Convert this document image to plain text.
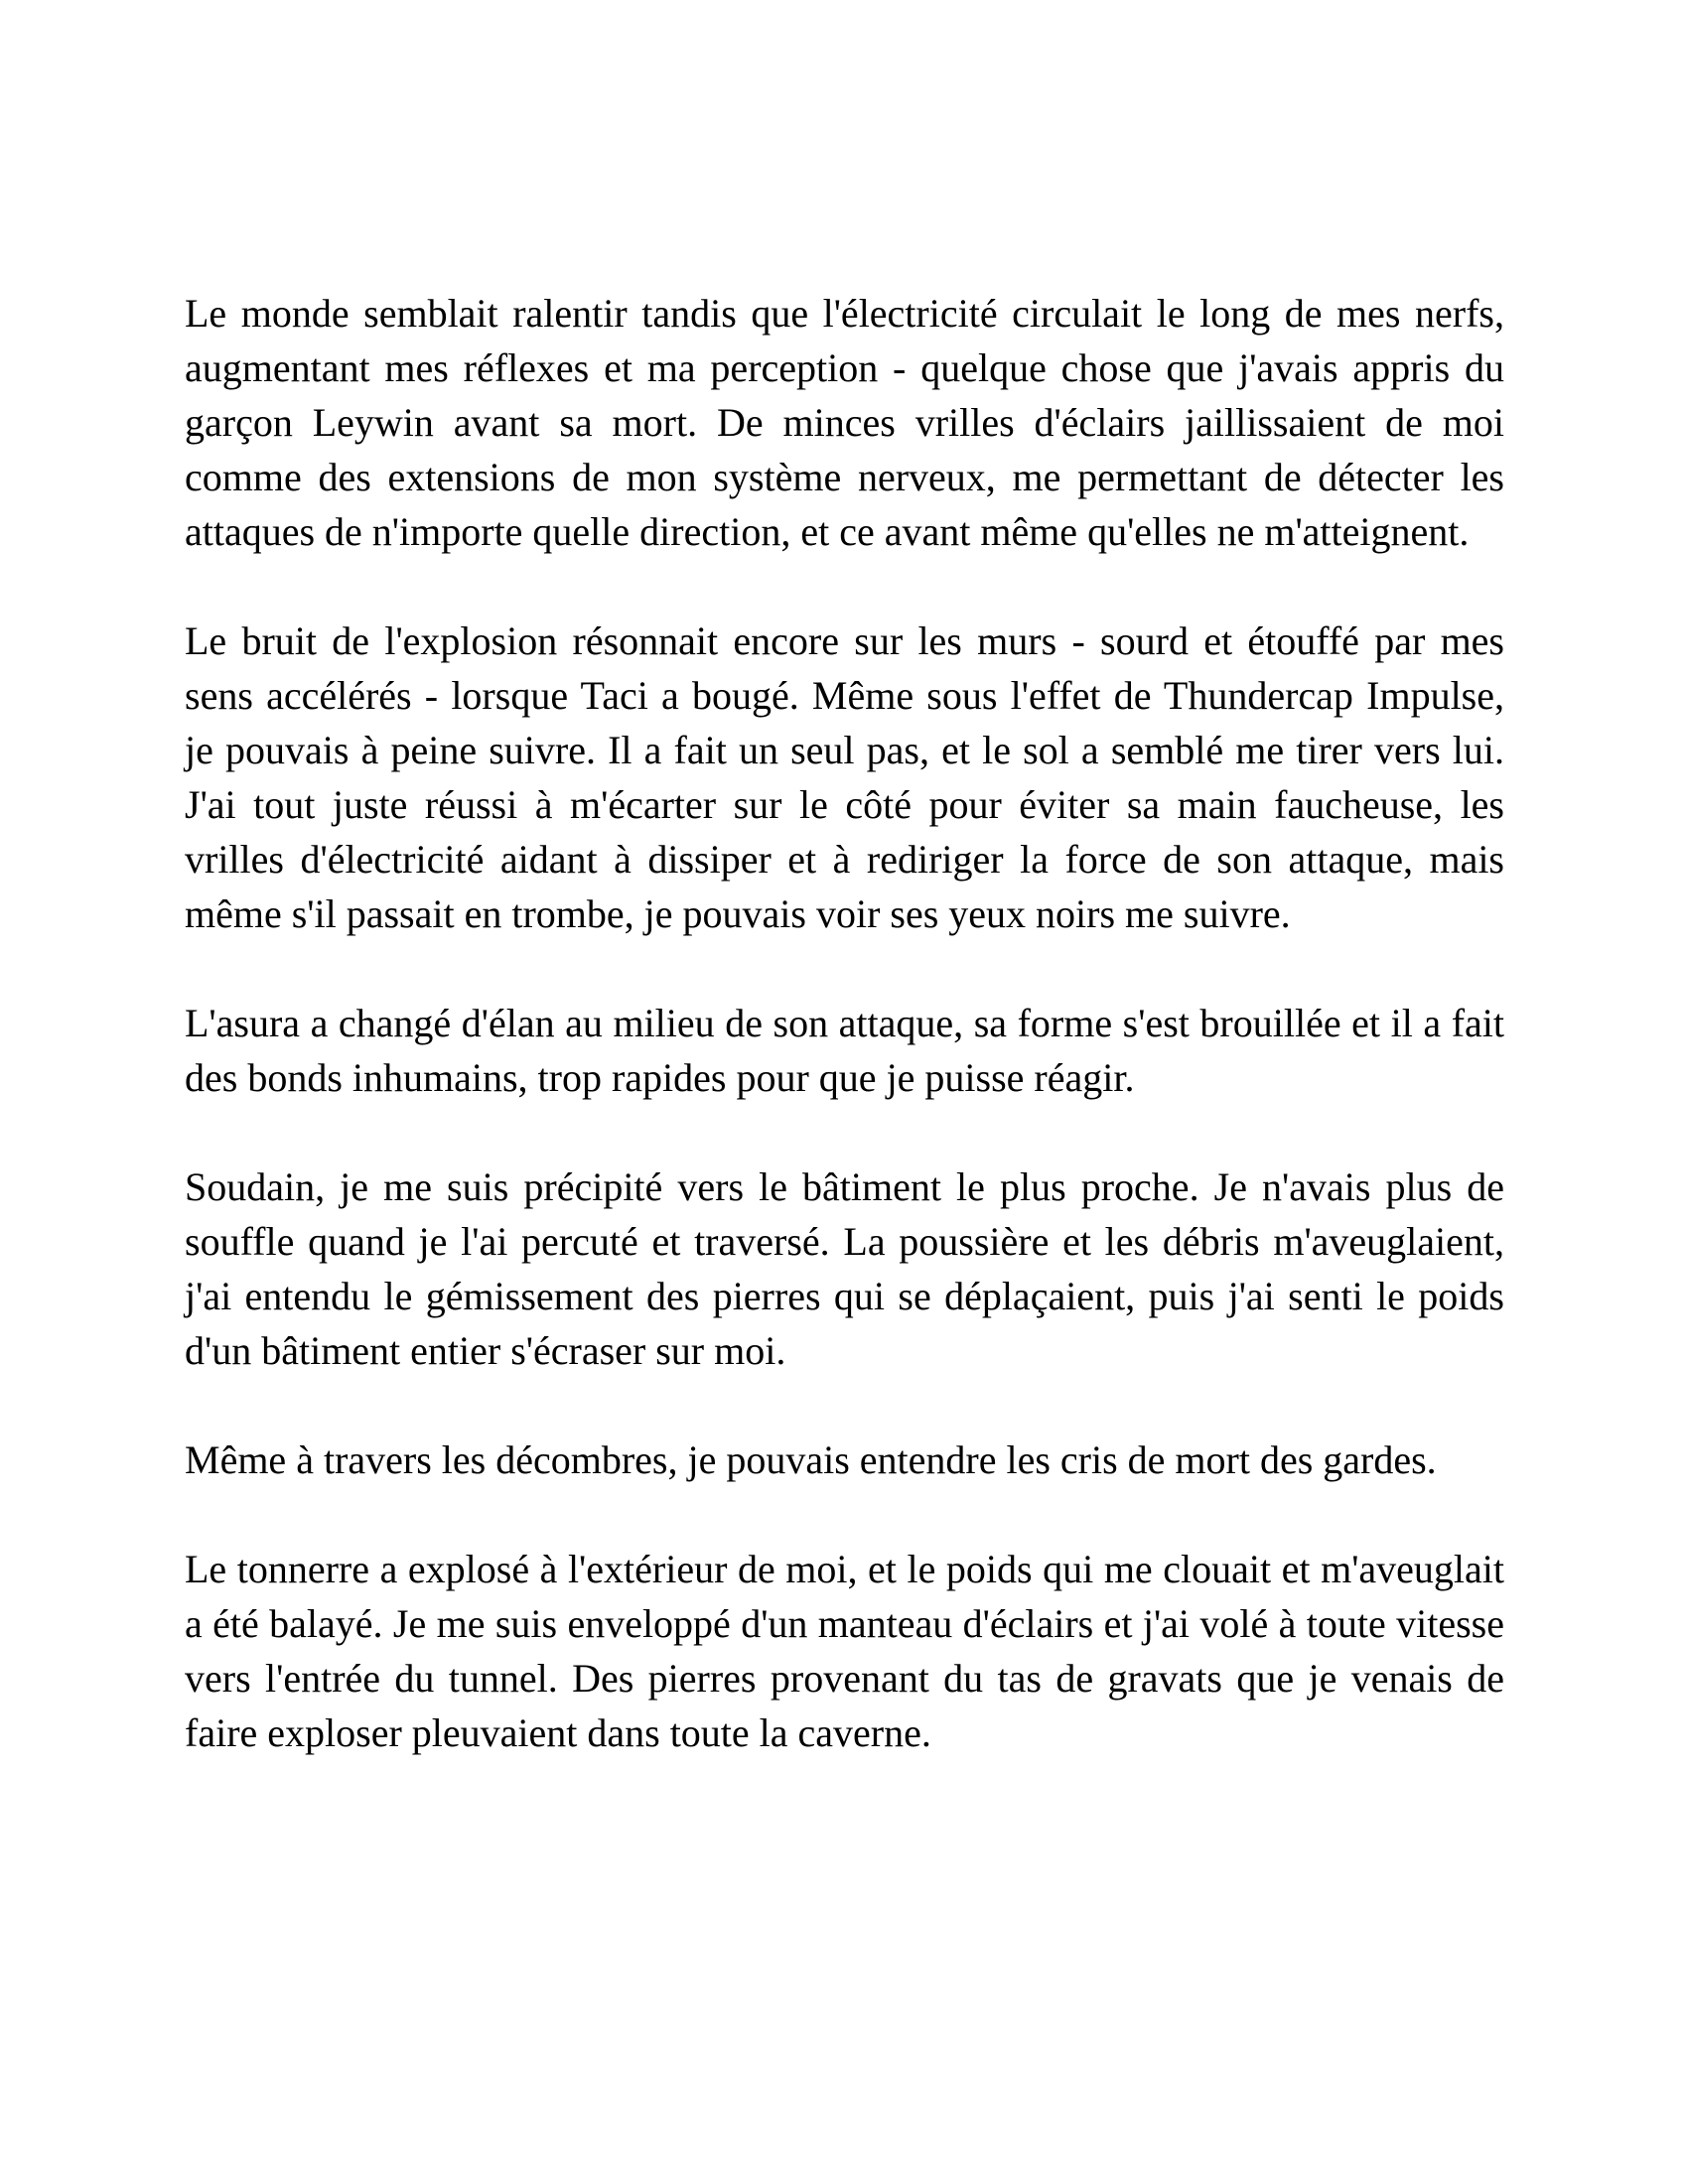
Le monde semblait ralentir tandis que l'électricité circulait le long de mes nerfs, augmentant mes réflexes et ma perception - quelque chose que j'avais appris du garçon Leywin avant sa mort. De minces vrilles d'éclairs jaillissaient de moi comme des extensions de mon système nerveux, me permettant de détecter les attaques de n'importe quelle direction, et ce avant même qu'elles ne m'atteignent.

Le bruit de l'explosion résonnait encore sur les murs - sourd et étouffé par mes sens accélérés - lorsque Taci a bougé. Même sous l'effet de Thundercap Impulse, je pouvais à peine suivre. Il a fait un seul pas, et le sol a semblé me tirer vers lui. J'ai tout juste réussi à m'écarter sur le côté pour éviter sa main faucheuse, les vrilles d'électricité aidant à dissiper et à rediriger la force de son attaque, mais même s'il passait en trombe, je pouvais voir ses yeux noirs me suivre.

L'asura a changé d'élan au milieu de son attaque, sa forme s'est brouillée et il a fait des bonds inhumains, trop rapides pour que je puisse réagir.

Soudain, je me suis précipité vers le bâtiment le plus proche. Je n'avais plus de souffle quand je l'ai percuté et traversé. La poussière et les débris m'aveuglaient, j'ai entendu le gémissement des pierres qui se déplaçaient, puis j'ai senti le poids d'un bâtiment entier s'écraser sur moi.

Même à travers les décombres, je pouvais entendre les cris de mort des gardes.

Le tonnerre a explosé à l'extérieur de moi, et le poids qui me clouait et m'aveuglait a été balayé. Je me suis enveloppé d'un manteau d'éclairs et j'ai volé à toute vitesse vers l'entrée du tunnel. Des pierres provenant du tas de gravats que je venais de faire exploser pleuvaient dans toute la caverne.
